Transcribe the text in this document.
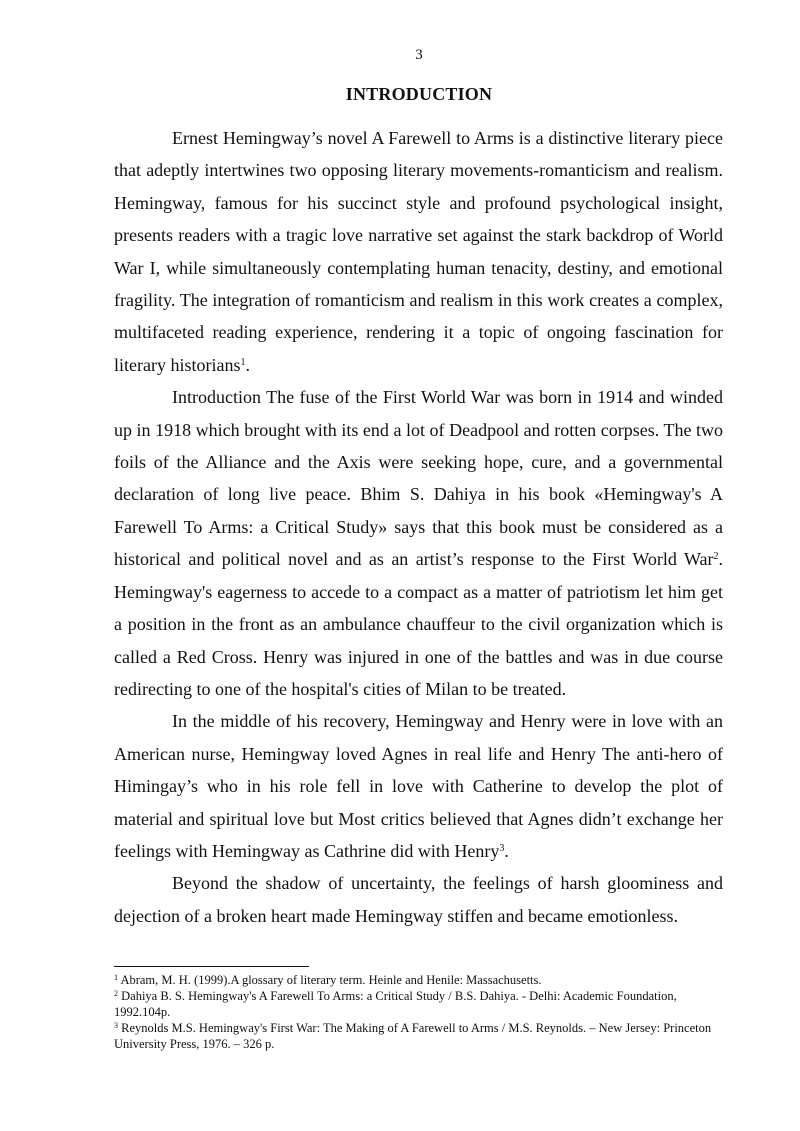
3
INTRODUCTION

Ernest Hemingway’s novel A Farewell to Arms is a distinctive literary piece that adeptly intertwines two opposing literary movements-romanticism and realism. Hemingway, famous for his succinct style and profound psychological insight, presents readers with a tragic love narrative set against the stark backdrop of World War I, while simultaneously contemplating human tenacity, destiny, and emotional fragility. The integration of romanticism and realism in this work creates a complex, multifaceted reading experience, rendering it a topic of ongoing fascination for literary historians$^1$.

Introduction The fuse of the First World War was born in 1914 and winded up in 1918 which brought with its end a lot of Deadpool and rotten corpses. The two foils of the Alliance and the Axis were seeking hope, cure, and a governmental declaration of long live peace. Bhim S. Dahiya in his book «Hemingway's A Farewell To Arms: a Critical Study» says that this book must be considered as a historical and political novel and as an artist’s response to the First World War$^2$. Hemingway's eagerness to accede to a compact as a matter of patriotism let him get a position in the front as an ambulance chauffeur to the civil organization which is called a Red Cross. Henry was injured in one of the battles and was in due course redirecting to one of the hospital's cities of Milan to be treated.

In the middle of his recovery, Hemingway and Henry were in love with an American nurse, Hemingway loved Agnes in real life and Henry The anti-hero of Himingay’s who in his role fell in love with Catherine to develop the plot of material and spiritual love but Most critics believed that Agnes didn’t exchange her feelings with Hemingway as Cathrine did with Henry$^3$.

Beyond the shadow of uncertainty, the feelings of harsh gloominess and dejection of a broken heart made Hemingway stiffen and became emotionless.

$^1$ Abram, M. H. (1999).A glossary of literary term. Heinle and Henile: Massachusetts.

$^2$ Dahiya B. S. Hemingway's A Farewell To Arms: a Critical Study / B.S. Dahiya. - Delhi: Academic Foundation, 1992.104p.

$^3$ Reynolds M.S. Hemingway's First War: The Making of A Farewell to Arms / M.S. Reynolds. – New Jersey: Princeton University Press, 1976. – 326 p.
